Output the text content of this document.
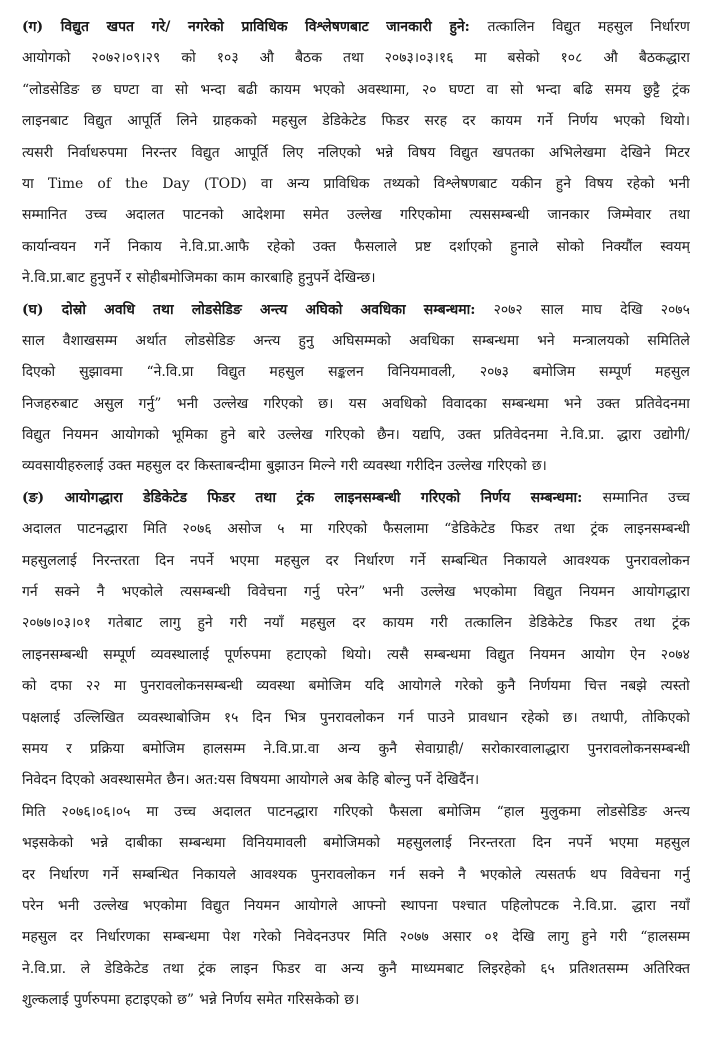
(ग) विद्युत खपत गरे/ नगरेको प्राविधिक विश्लेषणबाट जानकारी हुने: तत्कालिन विद्युत महसुल निर्धारण
आयोगको २०७२।०९।२९ को १०३ औ बैठक तथा २०७३।०३।१६ मा बसेको १०८ औ बैठकद्धारा
“लोडसेडिङ छ घण्टा वा सो भन्दा बढी कायम भएको अवस्थामा, २० घण्टा वा सो भन्दा बढि समय छुट्टै ट्रंक
लाइनबाट विद्युत आपूर्ति लिने ग्राहकको महसुल डेडिकेटेड फिडर सरह दर कायम गर्ने निर्णय भएको थियो।
त्यसरी निर्वाधरुपमा निरन्तर विद्युत आपूर्ति लिए नलिएको भन्ने विषय विद्युत खपतका अभिलेखमा देखिने मिटर
या Time of the Day (TOD) वा अन्य प्राविधिक तथ्यको विश्लेषणबाट यकीन हुने विषय रहेको भनी
सम्मानित उच्च अदालत पाटनको आदेशमा समेत उल्लेख गरिएकोमा त्यससम्बन्धी जानकार जिम्मेवार तथा
कार्यान्वयन गर्ने निकाय ने.वि.प्रा.आफै रहेको उक्त फैसलाले प्रष्ट दर्शाएको हुनाले सोको निक्यौंल स्वयम्
ने.वि.प्रा.बाट हुनुपर्ने र सोहीबमोजिमका काम कारबाहि हुनुपर्ने देखिन्छ।
(घ) दोस्रो अवधि तथा लोडसेडिङ अन्त्य अघिको अवधिका सम्बन्धमा: २०७२ साल माघ देखि २०७५
साल वैशाखसम्म अर्थात लोडसेडिङ अन्त्य हुनु अघिसम्मको अवधिका सम्बन्धमा भने मन्त्रालयको समितिले
दिएको सुझावमा “ने.वि.प्रा विद्युत महसुल सङ्कलन विनियमावली, २०७३ बमोजिम सम्पूर्ण महसुल
निजहरुबाट असुल गर्नु” भनी उल्लेख गरिएको छ। यस अवधिको विवादका सम्बन्धमा भने उक्त प्रतिवेदनमा
विद्युत नियमन आयोगको भूमिका हुने बारे उल्लेख गरिएको छैन। यद्यपि, उक्त प्रतिवेदनमा ने.वि.प्रा. द्धारा उद्योगी/
व्यवसायीहरुलाई उक्त महसुल दर किस्ताबन्दीमा बुझाउन मिल्ने गरी व्यवस्था गरीदिन उल्लेख गरिएको छ।
(ङ) आयोगद्धारा डेडिकेटेड फिडर तथा ट्रंक लाइनसम्बन्धी गरिएको निर्णय सम्बन्धमा: सम्मानित उच्च
अदालत पाटनद्धारा मिति २०७६ असोज ५ मा गरिएको फैसलामा “डेडिकेटेड फिडर तथा ट्रंक लाइनसम्बन्धी
महसुललाई निरन्तरता दिन नपर्ने भएमा महसुल दर निर्धारण गर्ने सम्बन्धित निकायले आवश्यक पुनरावलोकन
गर्न सक्ने नै भएकोले त्यसम्बन्धी विवेचना गर्नु परेन” भनी उल्लेख भएकोमा विद्युत नियमन आयोगद्धारा
२०७७।०३।०१ गतेबाट लागु हुने गरी नयाँ महसुल दर कायम गरी तत्कालिन डेडिकेटेड फिडर तथा ट्रंक
लाइनसम्बन्धी सम्पूर्ण व्यवस्थालाई पूर्णरुपमा हटाएको थियो। त्यसै सम्बन्धमा विद्युत नियमन आयोग ऐन २०७४
को दफा २२ मा पुनरावलोकनसम्बन्धी व्यवस्था बमोजिम यदि आयोगले गरेको कुनै निर्णयमा चित्त नबझे त्यस्तो
पक्षलाई उल्लिखित व्यवस्थाबोजिम १५ दिन भित्र पुनरावलोकन गर्न पाउने प्रावधान रहेको छ। तथापी, तोकिएको
समय र प्रक्रिया बमोजिम हालसम्म ने.वि.प्रा.वा अन्य कुनै सेवाग्राही/ सरोकारवालाद्धारा पुनरावलोकनसम्बन्धी
निवेदन दिएको अवस्थासमेत छैन। अत:यस विषयमा आयोगले अब केहि बोल्नु पर्ने देखिदैंन।
मिति २०७६।०६।०५ मा उच्च अदालत पाटनद्धारा गरिएको फैसला बमोजिम “हाल मुलुकमा लोडसेडिङ अन्त्य
भइसकेको भन्ने दाबीका सम्बन्धमा विनियमावली बमोजिमको महसुललाई निरन्तरता दिन नपर्ने भएमा महसुल
दर निर्धारण गर्ने सम्बन्धित निकायले आवश्यक पुनरावलोकन गर्न सक्ने नै भएकोले त्यसतर्फ थप विवेचना गर्नु
परेन भनी उल्लेख भएकोमा विद्युत नियमन आयोगले आफ्नो स्थापना पश्चात पहिलोपटक ने.वि.प्रा. द्धारा नयाँ
महसुल दर निर्धारणका सम्बन्धमा पेश गरेको निवेदनउपर मिति २०७७ असार ०१ देखि लागु हुने गरी “हालसम्म
ने.वि.प्रा. ले डेडिकेटेड तथा ट्रंक लाइन फिडर वा अन्य कुनै माध्यमबाट लिइरहेको ६५ प्रतिशतसम्म अतिरिक्त
शुल्कलाई पुर्णरुपमा हटाइएको छ” भन्ने निर्णय समेत गरिसकेको छ।
